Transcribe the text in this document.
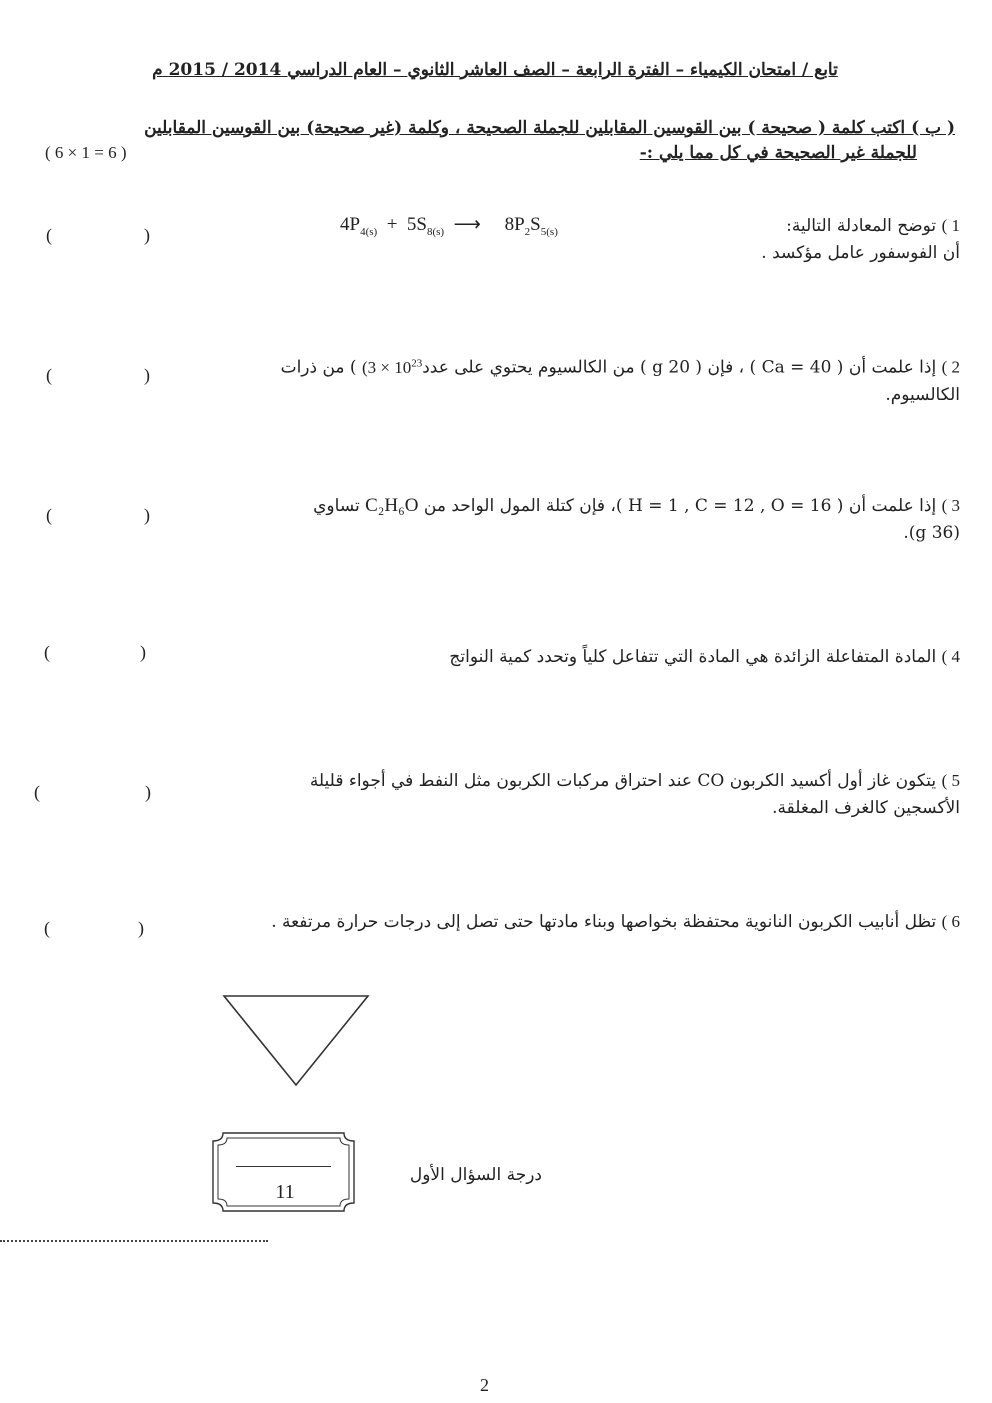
تابع / امتحان الكيمياء – الفترة الرابعة – الصف العاشر الثانوي – العام الدراسي 2014 / 2015 م
( ب ) اكتب كلمة ( صحيحة ) بين القوسين المقابلين للجملة الصحيحة ، وكلمة (غير صحيحة) بين القوسين المقابلين
للجملة غير الصحيحة في كل مما يلي :-
( 6 × 1 = 6 )
1 ) توضح المعادلة التالية:
أن الفوسفور عامل مؤكسد .
$4P_{4(s)} + 5S_{8(s)}$ ⟶ $8P_2S_{5(s)}$
(	)
2 ) إذا علمت أن ( Ca = 40 ) ، فإن ( 20 g ) من الكالسيوم يحتوي على عدد(3 × $10^{23}$ ) من ذرات
الكالسيوم.
(	)
3 ) إذا علمت أن ( H = 1 , C = 12 , O = 16 )، فإن كتلة المول الواحد من C₂H₆O تساوي
(36 g).
(	)
4 ) المادة المتفاعلة الزائدة هي المادة التي تتفاعل كلياً وتحدد كمية النواتج
(	)
5 ) يتكون غاز أول أكسيد الكربون CO عند احتراق مركبات الكربون مثل النفط في أجواء قليلة
الأكسجين كالغرف المغلقة.
(	)
6 ) تظل أنابيب الكربون النانوية محتفظة بخواصها وبناء مادتها حتى تصل إلى درجات حرارة مرتفعة .
(	)
11
درجة السؤال الأول
2
